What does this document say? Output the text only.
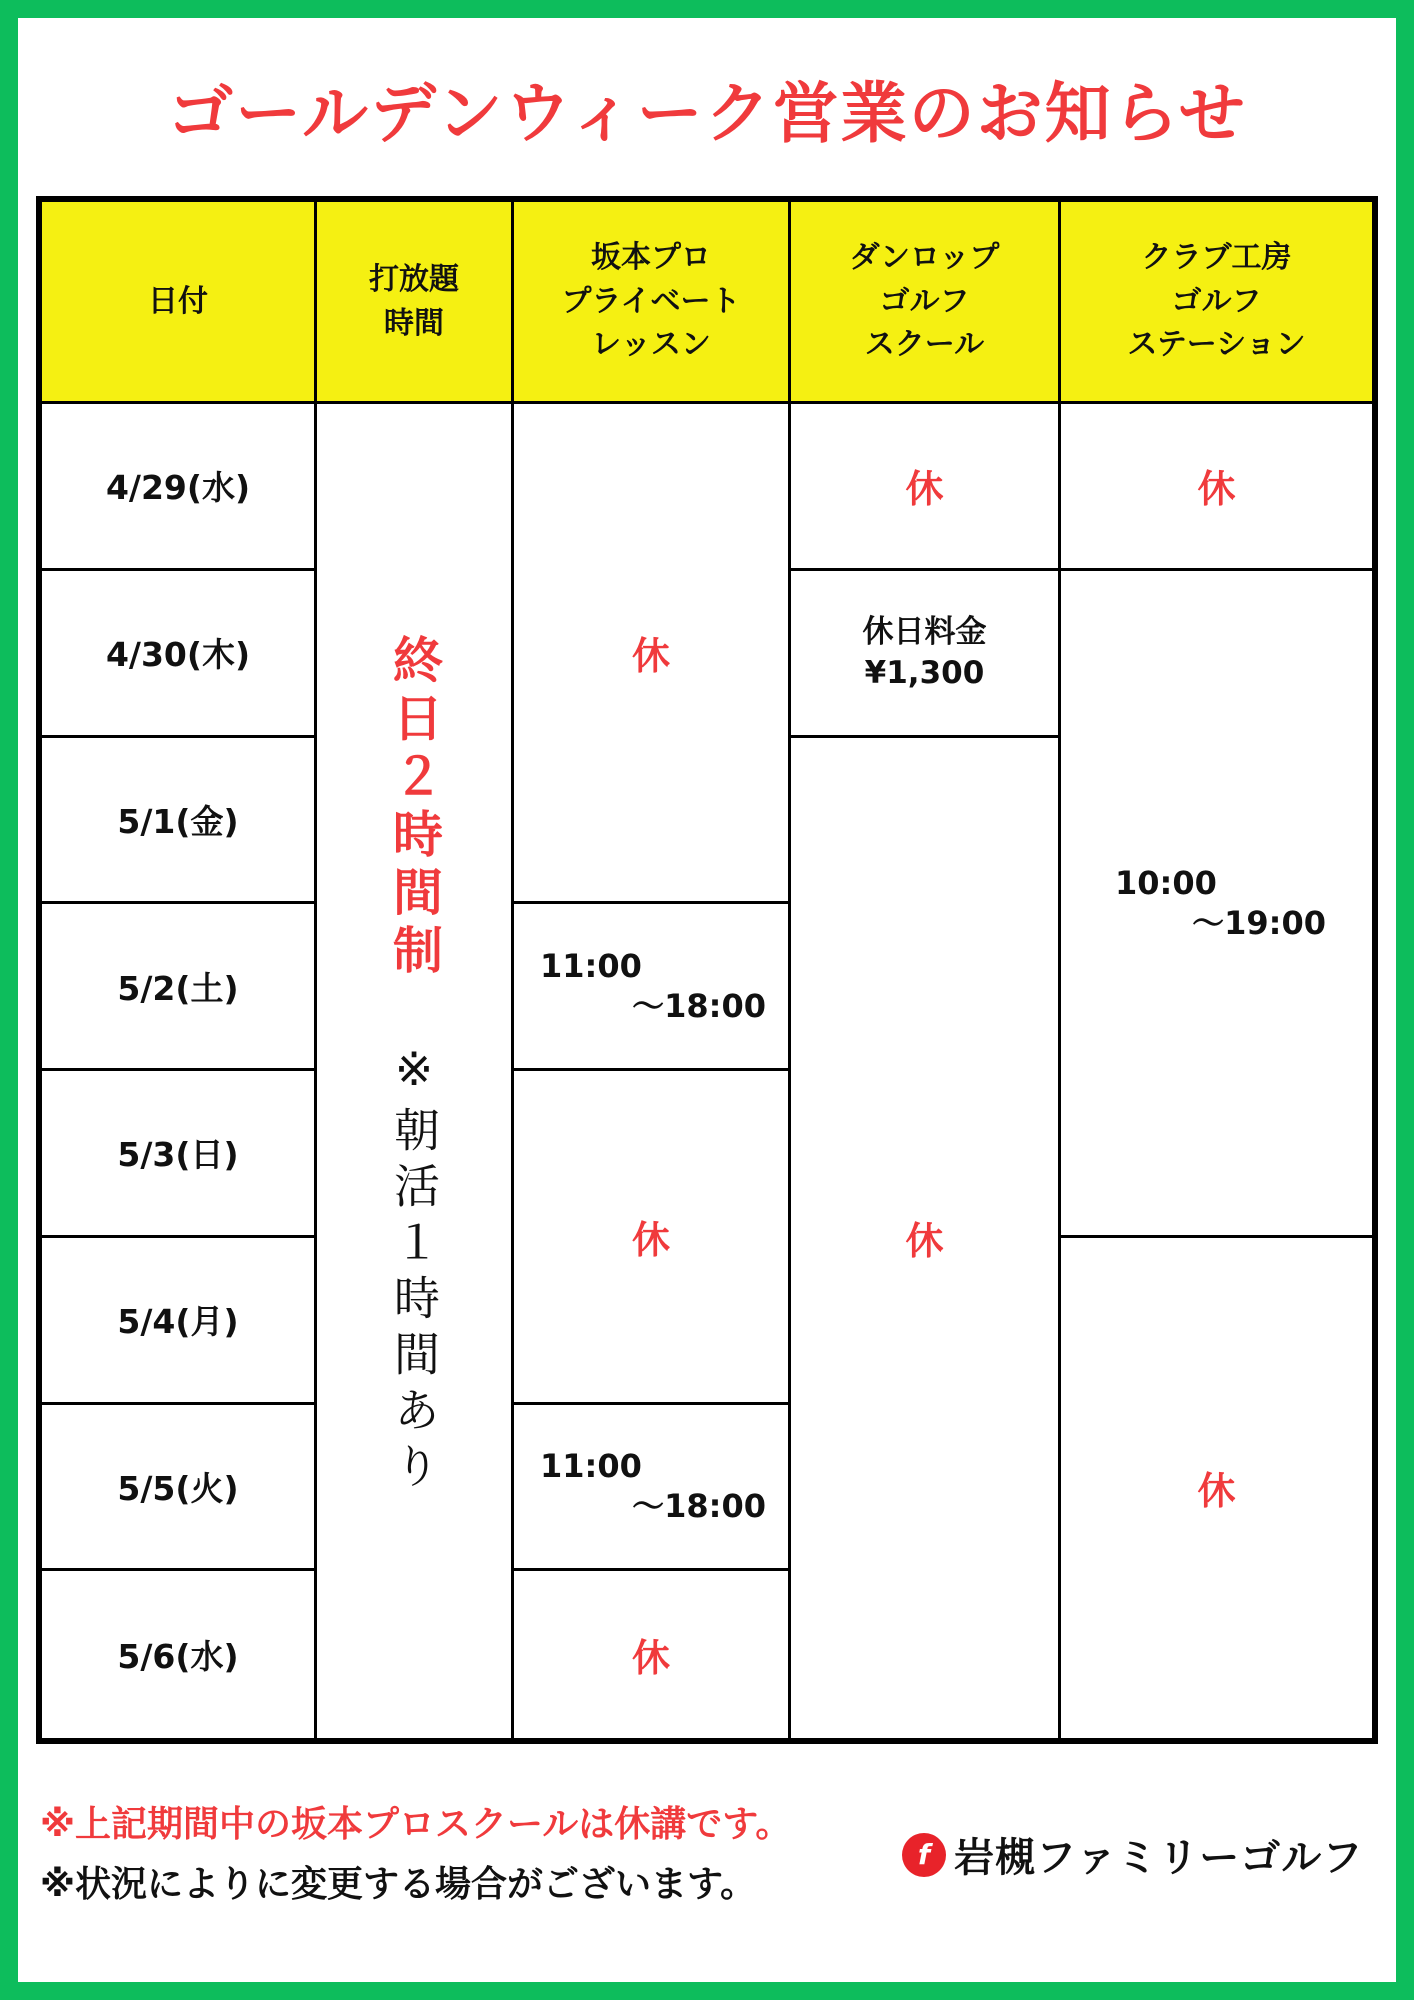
ゴールデンウィーク営業のお知らせ
日付
打放題
時間
坂本プロ
プライベート
レッスン
ダンロップ
ゴルフ
スクール
クラブ工房
ゴルフ
ステーション
4/29(水)
4/30(木)
5/1(金)
5/2(土)
5/3(日)
5/4(月)
5/5(火)
5/6(水)
終日２時間制
※朝活１時間あり
休
11:00
〜18:00
休
11:00
〜18:00
休
休
休日料金
¥1,300
休
休
10:00
〜19:00
休
※上記期間中の坂本プロスクールは休講です。
※状況によりに変更する場合がございます。
f 岩槻ファミリーゴルフ
